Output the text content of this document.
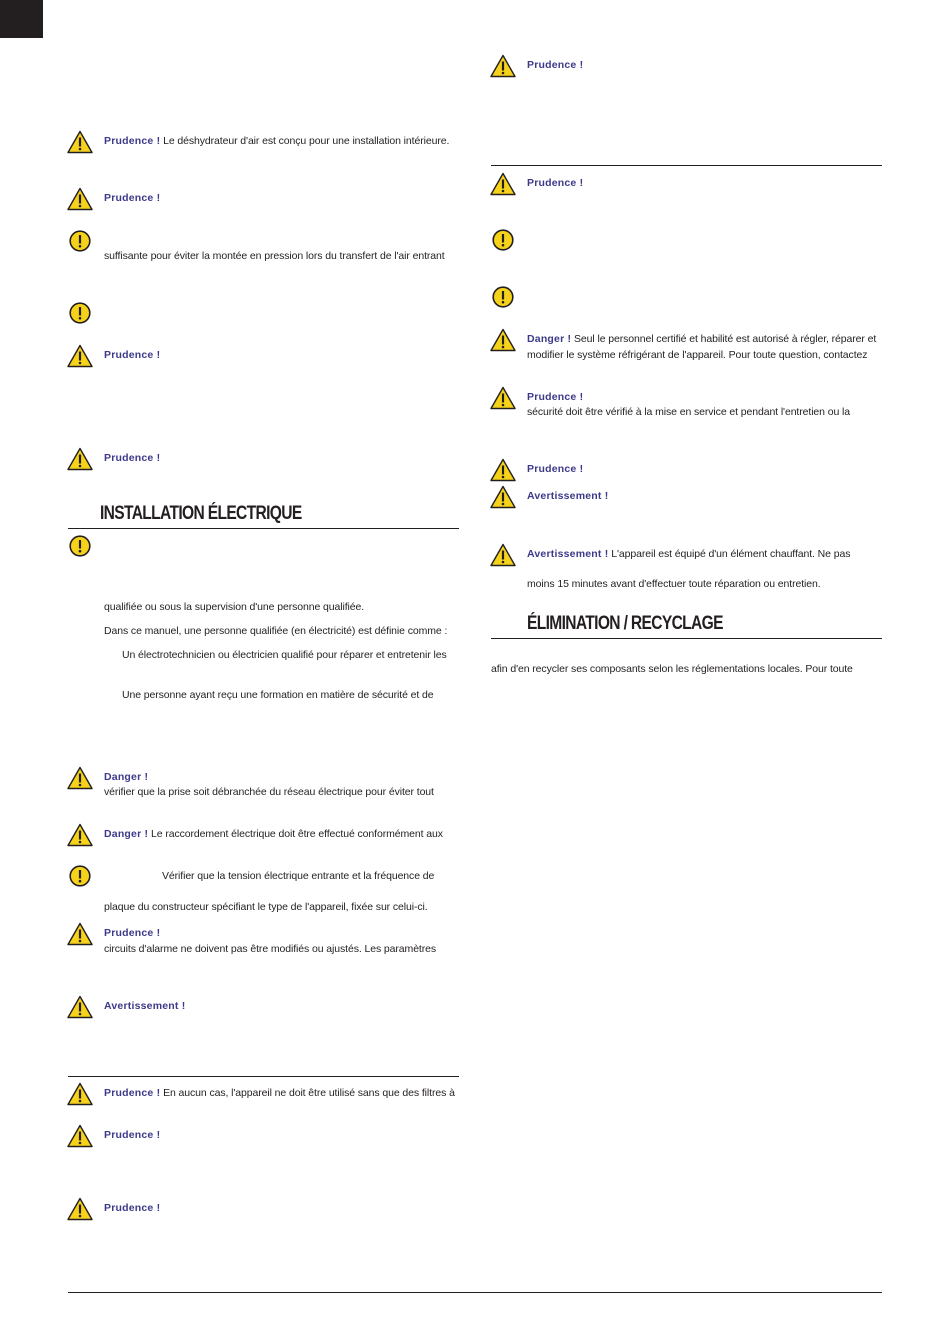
Prudence ! Le déshydrateur d'air est conçu pour une installation intérieure.
Prudence !
suffisante pour éviter la montée en pression lors du transfert de l'air entrant
Prudence !
Prudence !
INSTALLATION ÉLECTRIQUE
qualifiée ou sous la supervision d'une personne qualifiée.
Dans ce manuel, une personne qualifiée (en électricité) est définie comme :
Un électrotechnicien ou électricien qualifié pour réparer et entretenir les
Une personne ayant reçu une formation en matière de sécurité et de
Danger !
vérifier que la prise soit débranchée du réseau électrique pour éviter tout
Danger ! Le raccordement électrique doit être effectué conformément aux
Vérifier que la tension électrique entrante et la fréquence de
plaque du constructeur spécifiant le type de l'appareil, fixée sur celui-ci.
Prudence !
circuits d'alarme ne doivent pas être modifiés ou ajustés. Les paramètres
Avertissement !
Prudence ! En aucun cas, l'appareil ne doit être utilisé sans que des filtres à
Prudence !
Prudence !
Prudence !
Prudence !
Danger ! Seul le personnel certifié et habilité est autorisé à régler, réparer et
modifier le système réfrigérant de l'appareil. Pour toute question, contactez
Prudence !
sécurité doit être vérifié à la mise en service et pendant l'entretien ou la
Prudence !
Avertissement !
Avertissement ! L'appareil est équipé d'un élément chauffant. Ne pas
moins 15 minutes avant d'effectuer toute réparation ou entretien.
ÉLIMINATION / RECYCLAGE
afin d'en recycler ses composants selon les réglementations locales. Pour toute
